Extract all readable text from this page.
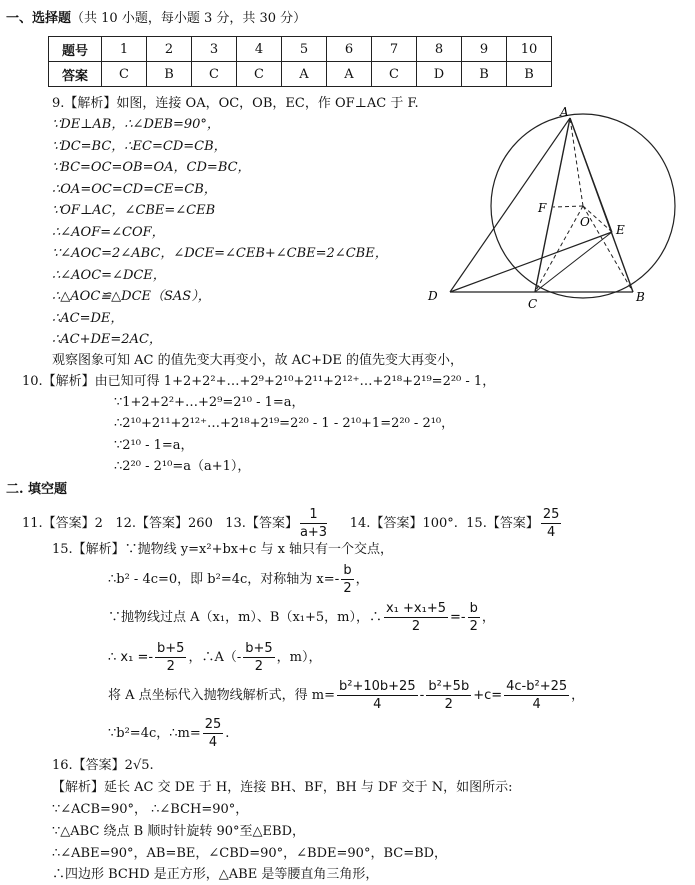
一、选择题（共 10 小题，每小题 3 分，共 30 分）
题号	1	2	3	4	5	6	7	8	9	10
答案	C	B	C	C	A	A	C	D	B	B
9.【解析】如图，连接 OA，OC，OB，EC，作 OF⊥AC 于 F.
∵DE⊥AB，∴∠DEB=90°，
∵DC=BC，∴EC=CD=CB，
∵BC=OC=OB=OA，CD=BC，
∴OA=OC=CD=CE=CB，
∵OF⊥AC，∠CBE=∠CEB
∴∠AOF=∠COF，
∵∠AOC=2∠ABC，∠DCE=∠CEB+∠CBE=2∠CBE，
∴∠AOC=∠DCE，
∴△AOC≌△DCE（SAS），
∴AC=DE，
∴AC+DE=2AC，
观察图象可知 AC 的值先变大再变小，故 AC+DE 的值先变大再变小，
A
F
O
E
D
C	B
10.【解析】由已知可得 1+2+2²+…+2⁹+2¹⁰+2¹¹+2¹²⁺…+2¹⁸+2¹⁹=2²⁰ - 1，
∵1+2+2²+…+2⁹=2¹⁰ - 1=a，
∴2¹⁰+2¹¹+2¹²⁺…+2¹⁸+2¹⁹=2²⁰ - 1 - 2¹⁰+1=2²⁰ - 2¹⁰，
∵2¹⁰ - 1=a，
∴2²⁰ - 2¹⁰=a（a+1），
二. 填空题
11.【答案】2 12.【答案】260 13.【答案】 $\frac{1}{a+3} 14$.【答案】100°. 15.【答案】 $\frac{25}{4}$
15.【解析】∵抛物线 y=x²+bx+c 与 x 轴只有一个交点，
∴b² - 4c=0，即 b²=4c，对称轴为 $x=- \frac{b}{2}$ ，
∵抛物线过点 A（x₁，m）、B（x₁+5，m），∴ $\frac{\text{x₁ +x₁+5}}{2} =- \frac{b}{2}$ ，
∴ $x_1 =- \frac{b+5}{2}$ ，∴A（- $\frac{b+5}{2}$ ，m），
将 A 点坐标代入抛物线解析式，得 $m= \frac{\text{b²+10b+25}}{4} - \frac{\text{b²+5b}}{2} +c= \frac{\text{4c-b²+25}}{4}$ ，
∵b²=4c，∴m= $\frac{25}{4}$ .
16.【答案】2√5.
【解析】延长 AC 交 DE 于 H，连接 BH、BF，BH 与 DF 交于 N，如图所示:
∵∠ACB=90°， ∴∠BCH=90°，
∵△ABC 绕点 B 顺时针旋转 90°至△EBD，
∴∠ABE=90°，AB=BE，∠CBD=90°，∠BDE=90°，BC=BD，
∴四边形 BCHD 是正方形，△ABE 是等腰直角三角形，
